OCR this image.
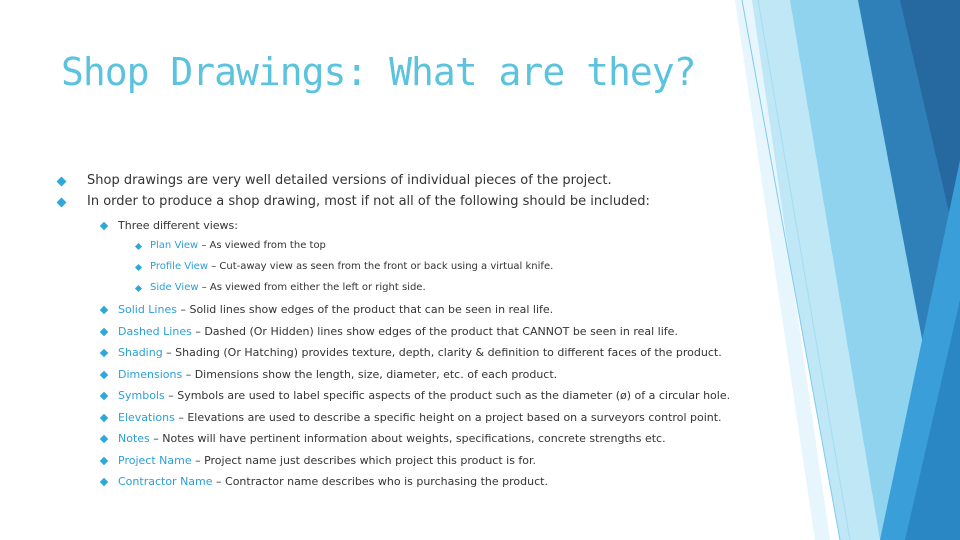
Shop Drawings: What are they?
Shop drawings are very well detailed versions of individual pieces of the project.
In order to produce a shop drawing, most if not all of the following should be included:
Three different views:
Plan View – As viewed from the top
Profile View – Cut-away view as seen from the front or back using a virtual knife.
Side View – As viewed from either the left or right side.
Solid Lines – Solid lines show edges of the product that can be seen in real life.
Dashed Lines – Dashed (Or Hidden) lines show edges of the product that CANNOT be seen in real life.
Shading – Shading (Or Hatching) provides texture, depth, clarity & definition to different faces of the product.
Dimensions – Dimensions show the length, size, diameter, etc. of each product.
Symbols – Symbols are used to label specific aspects of the product such as the diameter (ø) of a circular hole.
Elevations – Elevations are used to describe a specific height on a project based on a surveyors control point.
Notes – Notes will have pertinent information about weights, specifications, concrete strengths etc.
Project Name – Project name just describes which project this product is for.
Contractor Name – Contractor name describes who is purchasing the product.
